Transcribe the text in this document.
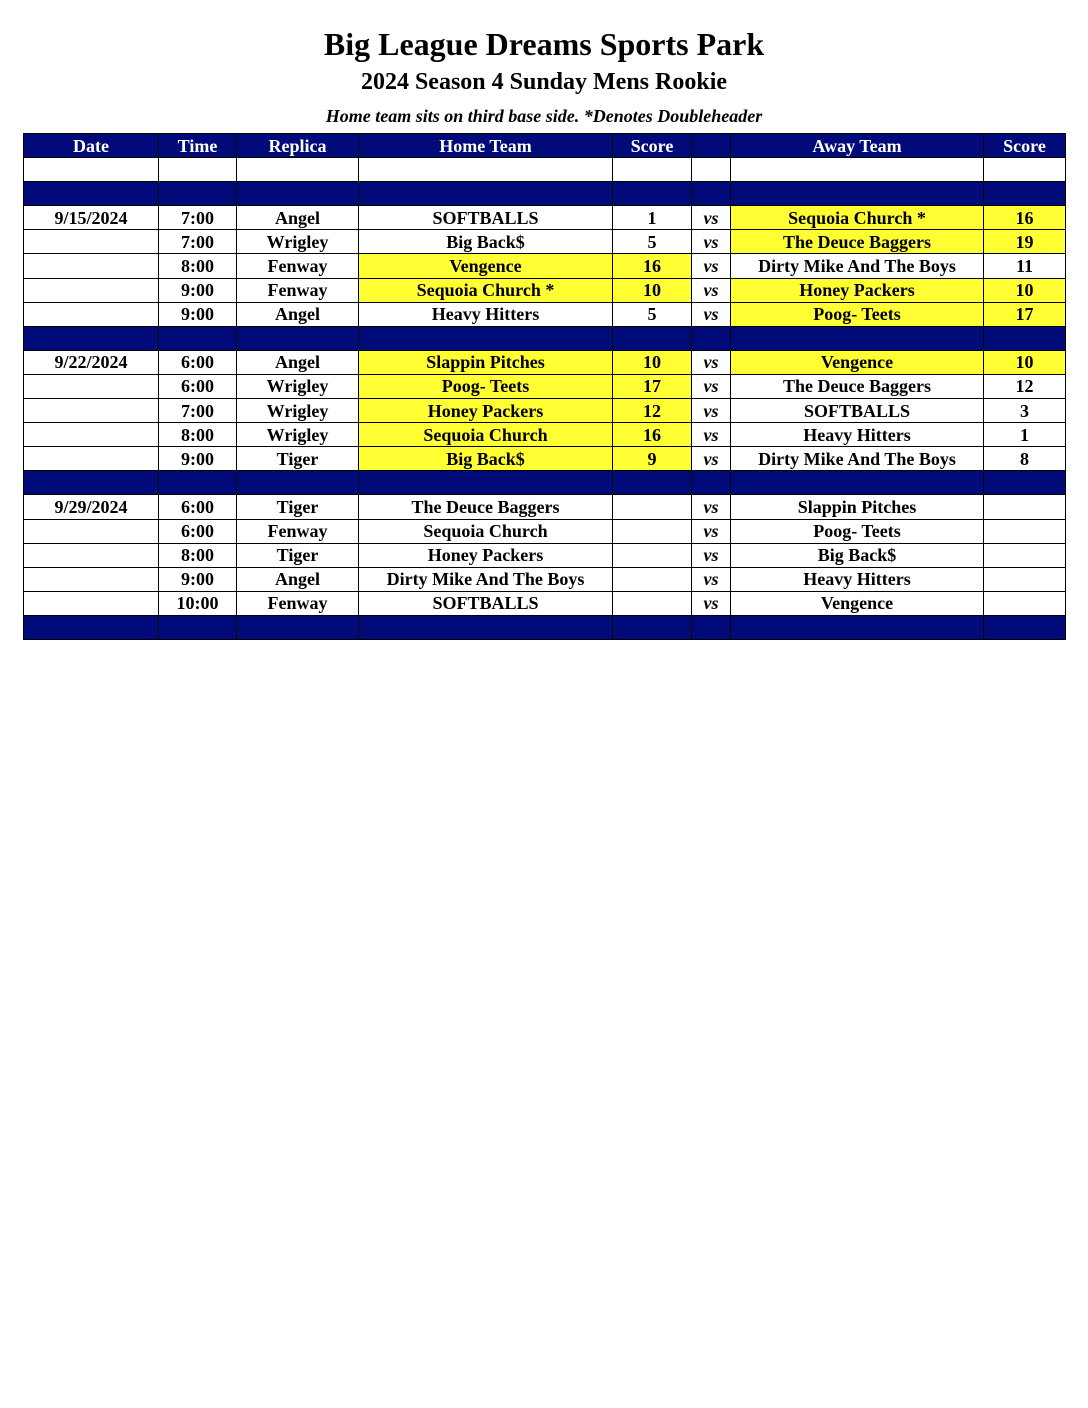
Big League Dreams Sports Park
2024 Season 4 Sunday Mens Rookie
Home team sits on third base side. *Denotes Doubleheader
Date	Time	Replica	Home Team	Score		Away Team	Score

9/15/2024	7:00	Angel	SOFTBALLS	1	vs	Sequoia Church *	16
	7:00	Wrigley	Big Back$	5	vs	The Deuce Baggers	19
	8:00	Fenway	Vengence	16	vs	Dirty Mike And The Boys	11
	9:00	Fenway	Sequoia Church *	10	vs	Honey Packers	10
	9:00	Angel	Heavy Hitters	5	vs	Poog- Teets	17

9/22/2024	6:00	Angel	Slappin Pitches	10	vs	Vengence	10
	6:00	Wrigley	Poog- Teets	17	vs	The Deuce Baggers	12
	7:00	Wrigley	Honey Packers	12	vs	SOFTBALLS	3
	8:00	Wrigley	Sequoia Church	16	vs	Heavy Hitters	1
	9:00	Tiger	Big Back$	9	vs	Dirty Mike And The Boys	8

9/29/2024	6:00	Tiger	The Deuce Baggers		vs	Slappin Pitches	
	6:00	Fenway	Sequoia Church		vs	Poog- Teets	
	8:00	Tiger	Honey Packers		vs	Big Back$	
	9:00	Angel	Dirty Mike And The Boys		vs	Heavy Hitters	
	10:00	Fenway	SOFTBALLS		vs	Vengence	
